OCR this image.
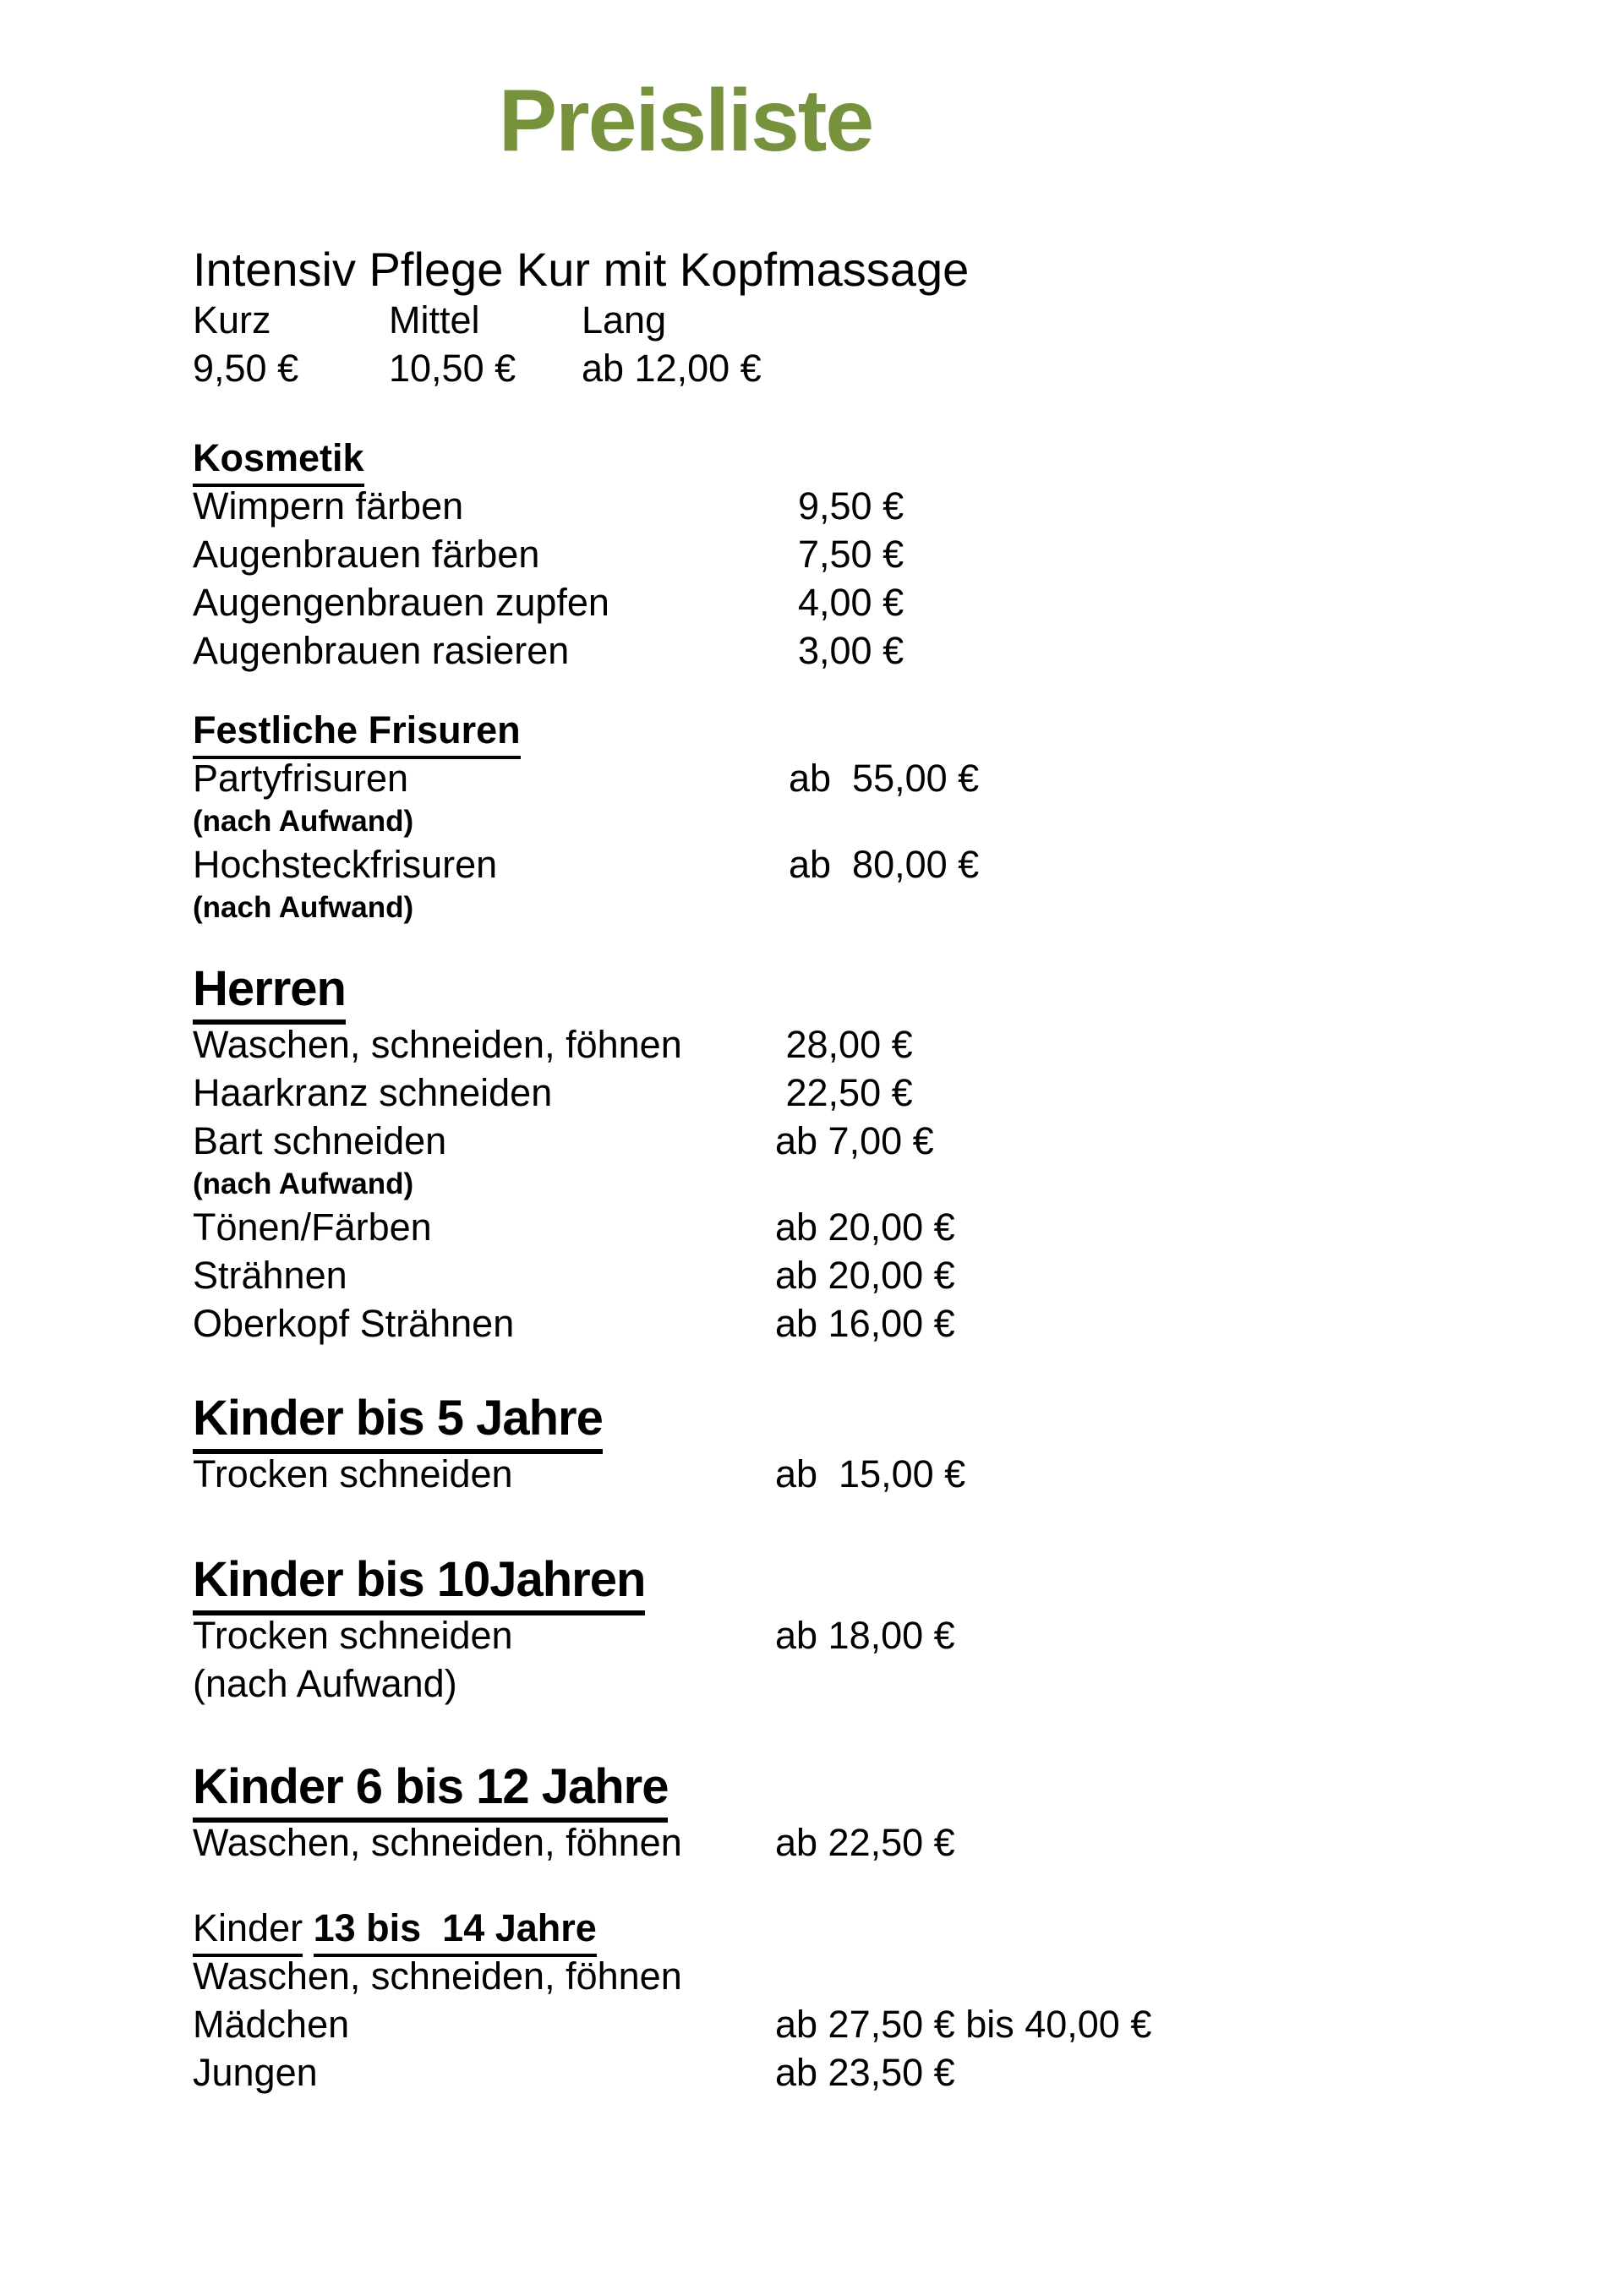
Preisliste
Intensiv Pflege Kur mit Kopfmassage
Kurz	Mittel	Lang
9,50 € 10,50 € ab 12,00 €
Kosmetik
Wimpern färben	9,50 €
Augenbrauen färben	7,50 €
Augengenbrauen zupfen	4,00 €
Augenbrauen rasieren	3,00 €
Festliche Frisuren
Partyfrisuren	ab  55,00 €
(nach Aufwand)
Hochsteckfrisuren	ab  80,00 €
(nach Aufwand)
Herren
Waschen, schneiden, föhnen 28,00 €
Haarkranz schneiden	22,50 €
Bart schneiden	ab 7,00 €
(nach Aufwand)
Tönen/Färben	ab 20,00 €
Strähnen	ab 20,00 €
Oberkopf Strähnen	ab 16,00 €
Kinder bis 5 Jahre
Trocken schneiden	ab  15,00 €
Kinder bis 10Jahren
Trocken schneiden	ab 18,00 €
(nach Aufwand)
Kinder 6 bis 12 Jahre
Waschen, schneiden, föhnen ab 22,50 €
Kinder 13 bis  14 Jahre
Waschen, schneiden, föhnen
Mädchen	ab 27,50 € bis 40,00 €
Jungen	ab 23,50 €
